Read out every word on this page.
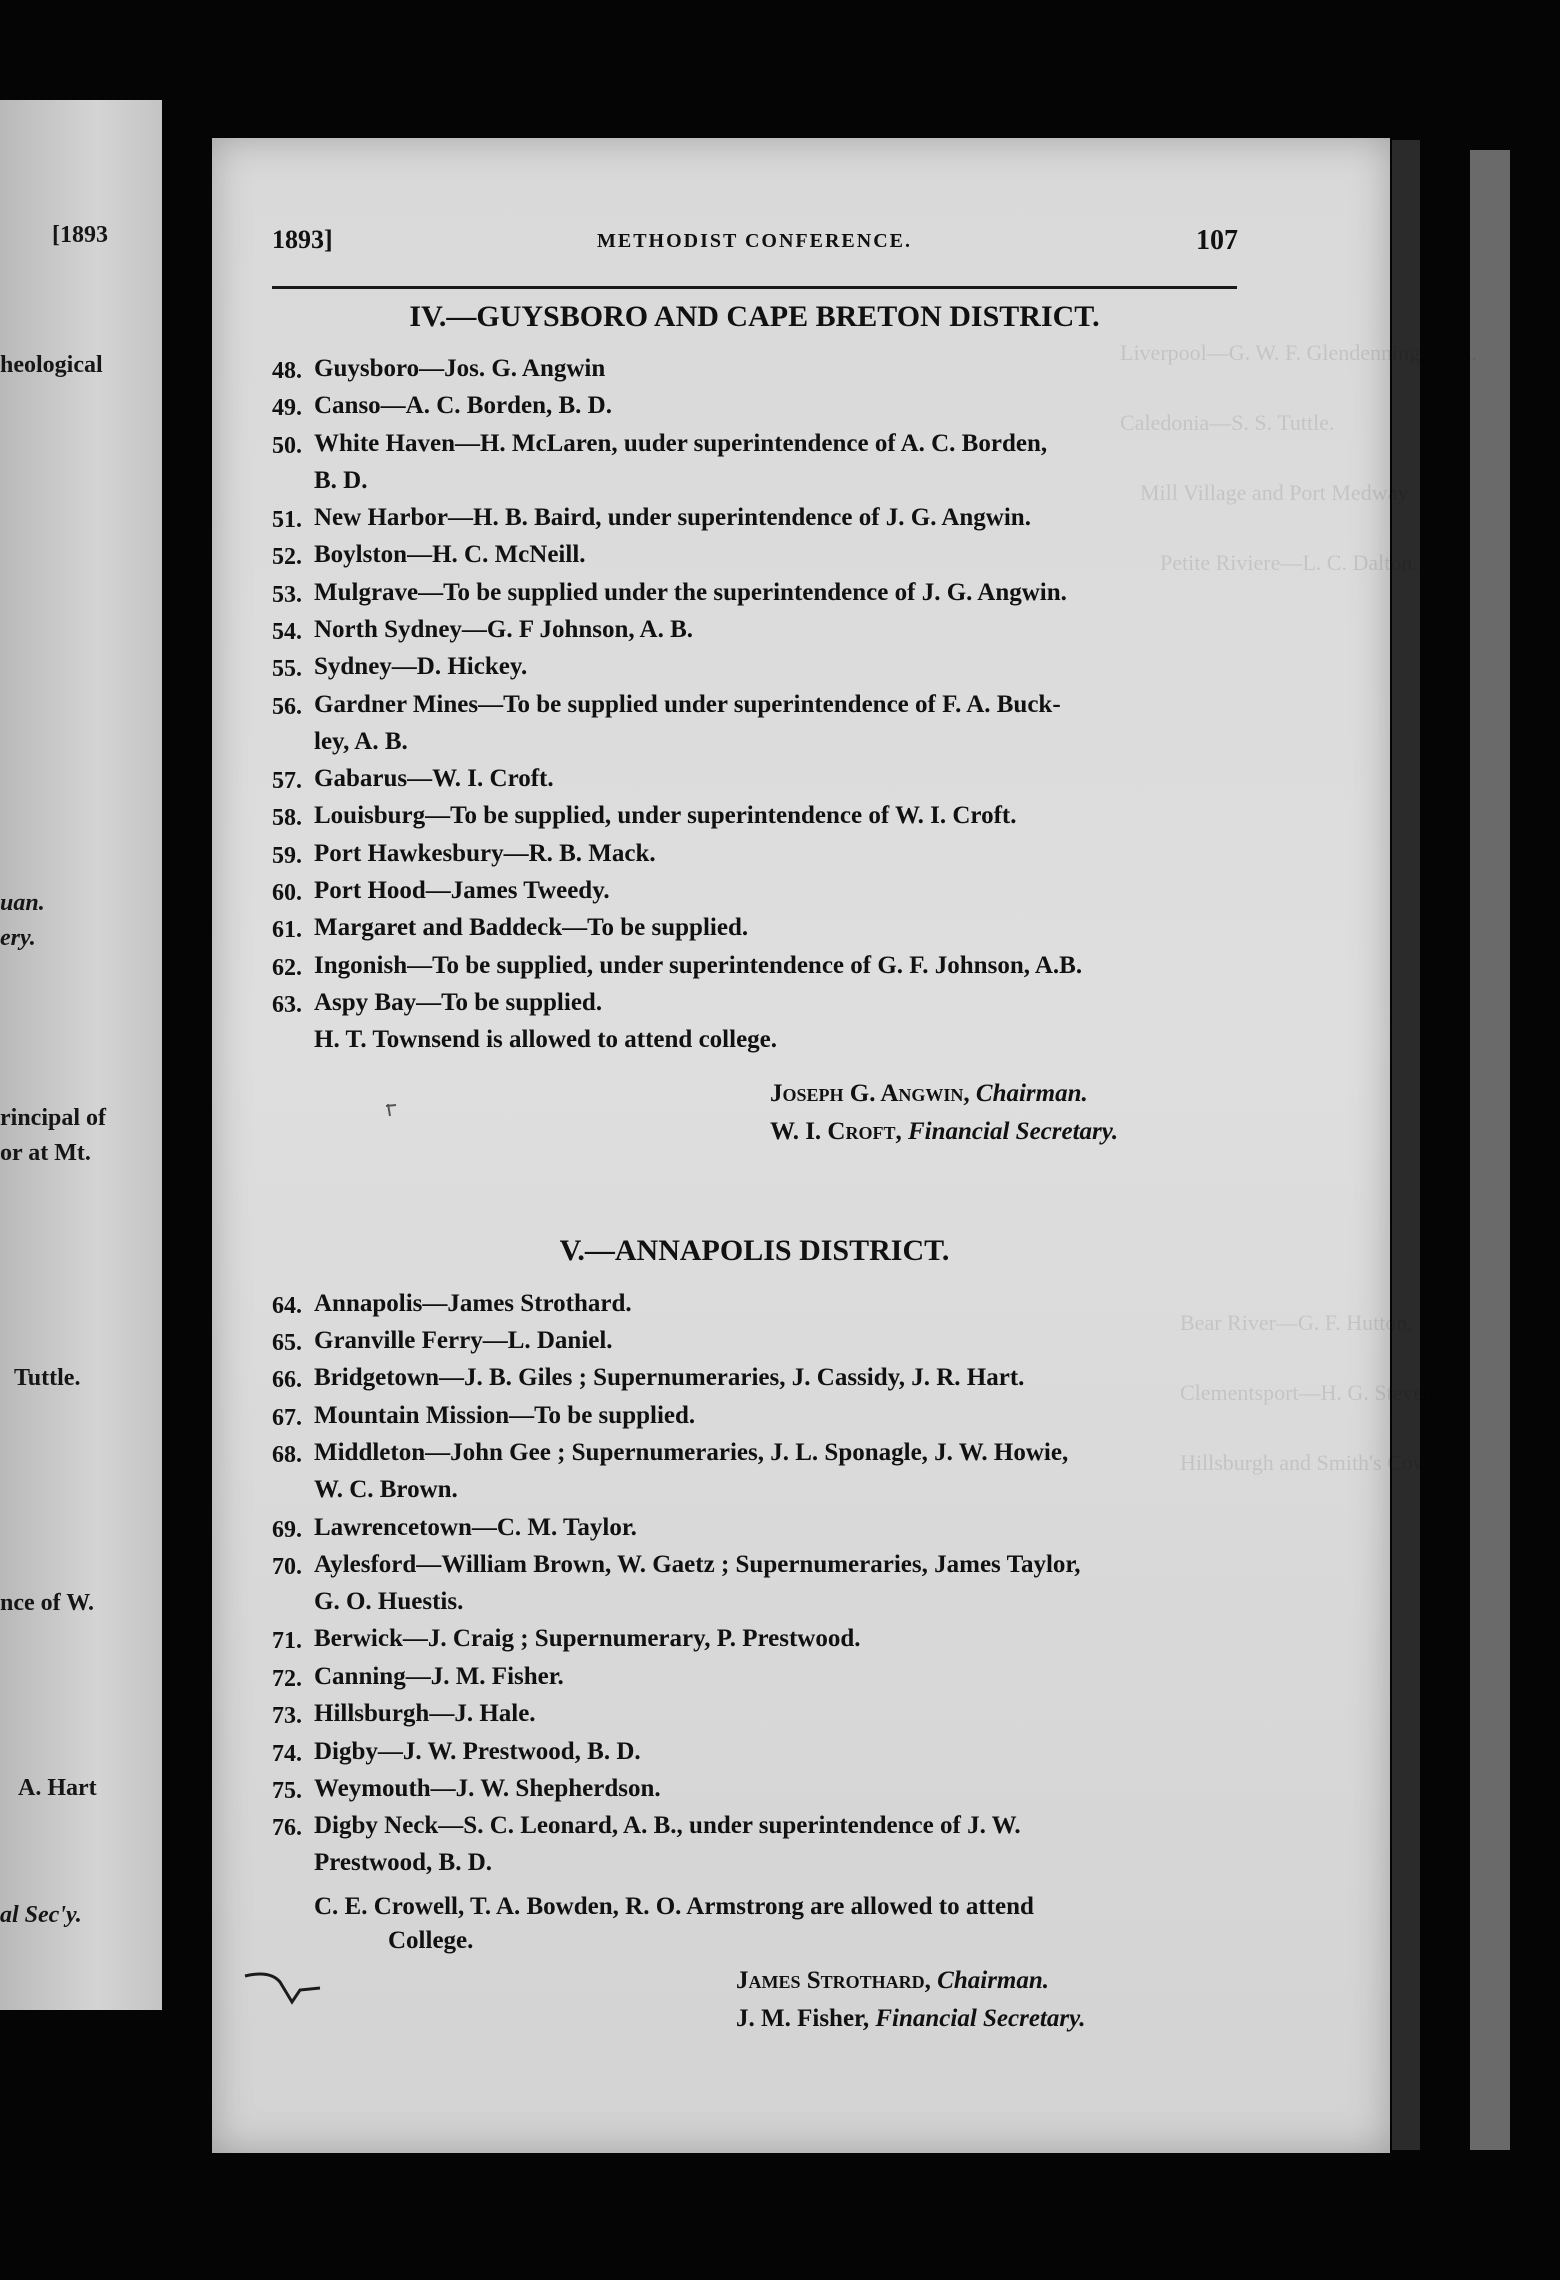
[1893
heological
uan.
ery.
rincipal of
or at Mt.
Tuttle.
nce of W.
A. Hart
al Sec'y.
B. A.
1893]	METHODIST CONFERENCE.	107
IV.—GUYSBORO AND CAPE BRETON DISTRICT.
48. Guysboro—Jos. G. Angwin
49. Canso—A. C. Borden, B. D.
50. White Haven—H. McLaren, uuder superintendence of A. C. Borden,
B. D.
51. New Harbor—H. B. Baird, under superintendence of J. G. Angwin.
52. Boylston—H. C. McNeill.
53. Mulgrave—To be supplied under the superintendence of J. G. Angwin.
54. North Sydney—G. F Johnson, A. B.
55. Sydney—D. Hickey.
56. Gardner Mines—To be supplied under superintendence of F. A. Buck-
ley, A. B.
57. Gabarus—W. I. Croft.
58. Louisburg—To be supplied, under superintendence of W. I. Croft.
59. Port Hawkesbury—R. B. Mack.
60. Port Hood—James Tweedy.
61. Margaret and Baddeck—To be supplied.
62. Ingonish—To be supplied, under superintendence of G. F. Johnson, A.B.
63. Aspy Bay—To be supplied.
H. T. Townsend is allowed to attend college.
Joseph G. Angwin, Chairman.
W. I. Croft, Financial Secretary.
V.—ANNAPOLIS DISTRICT.
64. Annapolis—James Strothard.
65. Granville Ferry—L. Daniel.
66. Bridgetown—J. B. Giles ; Supernumeraries, J. Cassidy, J. R. Hart.
67. Mountain Mission—To be supplied.
68. Middleton—John Gee ; Supernumeraries, J. L. Sponagle, J. W. Howie,
W. C. Brown.
69. Lawrencetown—C. M. Taylor.
70. Aylesford—William Brown, W. Gaetz ; Supernumeraries, James Taylor,
G. O. Huestis.
71. Berwick—J. Craig ; Supernumerary, P. Prestwood.
72. Canning—J. M. Fisher.
73. Hillsburgh—J. Hale.
74. Digby—J. W. Prestwood, B. D.
75. Weymouth—J. W. Shepherdson.
76. Digby Neck—S. C. Leonard, A. B., under superintendence of J. W.
Prestwood, B. D.
C. E. Crowell, T. A. Bowden, R. O. Armstrong are allowed to attend
College.
James Strothard, Chairman.
J. M. Fisher, Financial Secretary.
